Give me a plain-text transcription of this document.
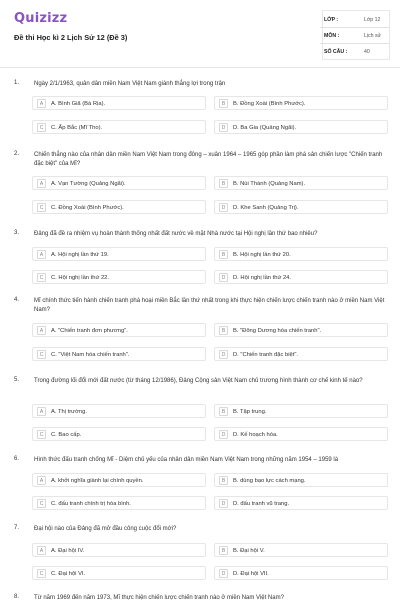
Quizizz
Đề thi Học kì 2 Lịch Sử 12 (Đề 3)
LỚP :	Lớp 12
MÔN :	Lịch sử
SỐ CÂU :	40
1. Ngày 2/1/1963, quân dân miền Nam Việt Nam giành thắng lợi trong trận
A	A. Bình Giã (Bà Rịa).	B	B. Đồng Xoài (Bình Phước).
C	C. Ấp Bắc (Mĩ Tho).	D	D. Ba Gia (Quảng Ngãi).
2. Chiến thắng nào của nhân dân miền Nam Việt Nam trong đông – xuân 1964 – 1965 góp phần làm phá sản chiến lược "Chiến tranh đặc biệt" của Mĩ?
A	A. Vạn Tường (Quảng Ngãi).	B	B. Núi Thành (Quảng Nam).
C	C. Đồng Xoài (Bình Phước).	D	D. Khe Sanh (Quảng Trị).
3. Đảng đã đề ra nhiệm vụ hoàn thành thống nhất đất nước về mặt Nhà nước tại Hội nghị lần thứ bao nhiêu?
A	A. Hội nghị lần thứ 19.	B	B. Hội nghị lần thứ 20.
C	C. Hội nghị lần thứ 22.	D	D. Hội nghị lần thứ 24.
4. Mĩ chính thức tiến hành chiến tranh phá hoại miền Bắc lần thứ nhất trong khi thực hiện chiến lược chiến tranh nào ở miền Nam Việt Nam?
A	A. "Chiến tranh đơn phương".	B	B. "Đông Dương hóa chiến tranh".
C	C. "Việt Nam hóa chiến tranh".	D	D. "Chiến tranh đặc biệt".
5. Trong đường lối đổi mới đất nước (từ tháng 12/1986), Đảng Cộng sản Việt Nam chủ trương hình thành cơ chế kinh tế nào?
A	A. Thị trường.	B	B. Tập trung.
C	C. Bao cấp.	D	D. Kế hoạch hóa.
6. Hình thức đấu tranh chống Mĩ - Diệm chủ yếu của nhân dân miền Nam Việt Nam trong những năm 1954 – 1959 là
A	A. khởi nghĩa giành lại chính quyền.	B	B. dùng bạo lực cách mạng.
C	C. đấu tranh chính trị hòa bình.	D	D. đấu tranh vũ trang.
7. Đại hội nào của Đảng đã mở đầu công cuộc đổi mới?
A	A. Đại hội IV.	B	B. Đại hội V.
C	C. Đại hội VI.	D	D. Đại hội VII.
8. Từ năm 1969 đến năm 1973, Mĩ thực hiện chiến lược chiến tranh nào ở miền Nam Việt Nam?
